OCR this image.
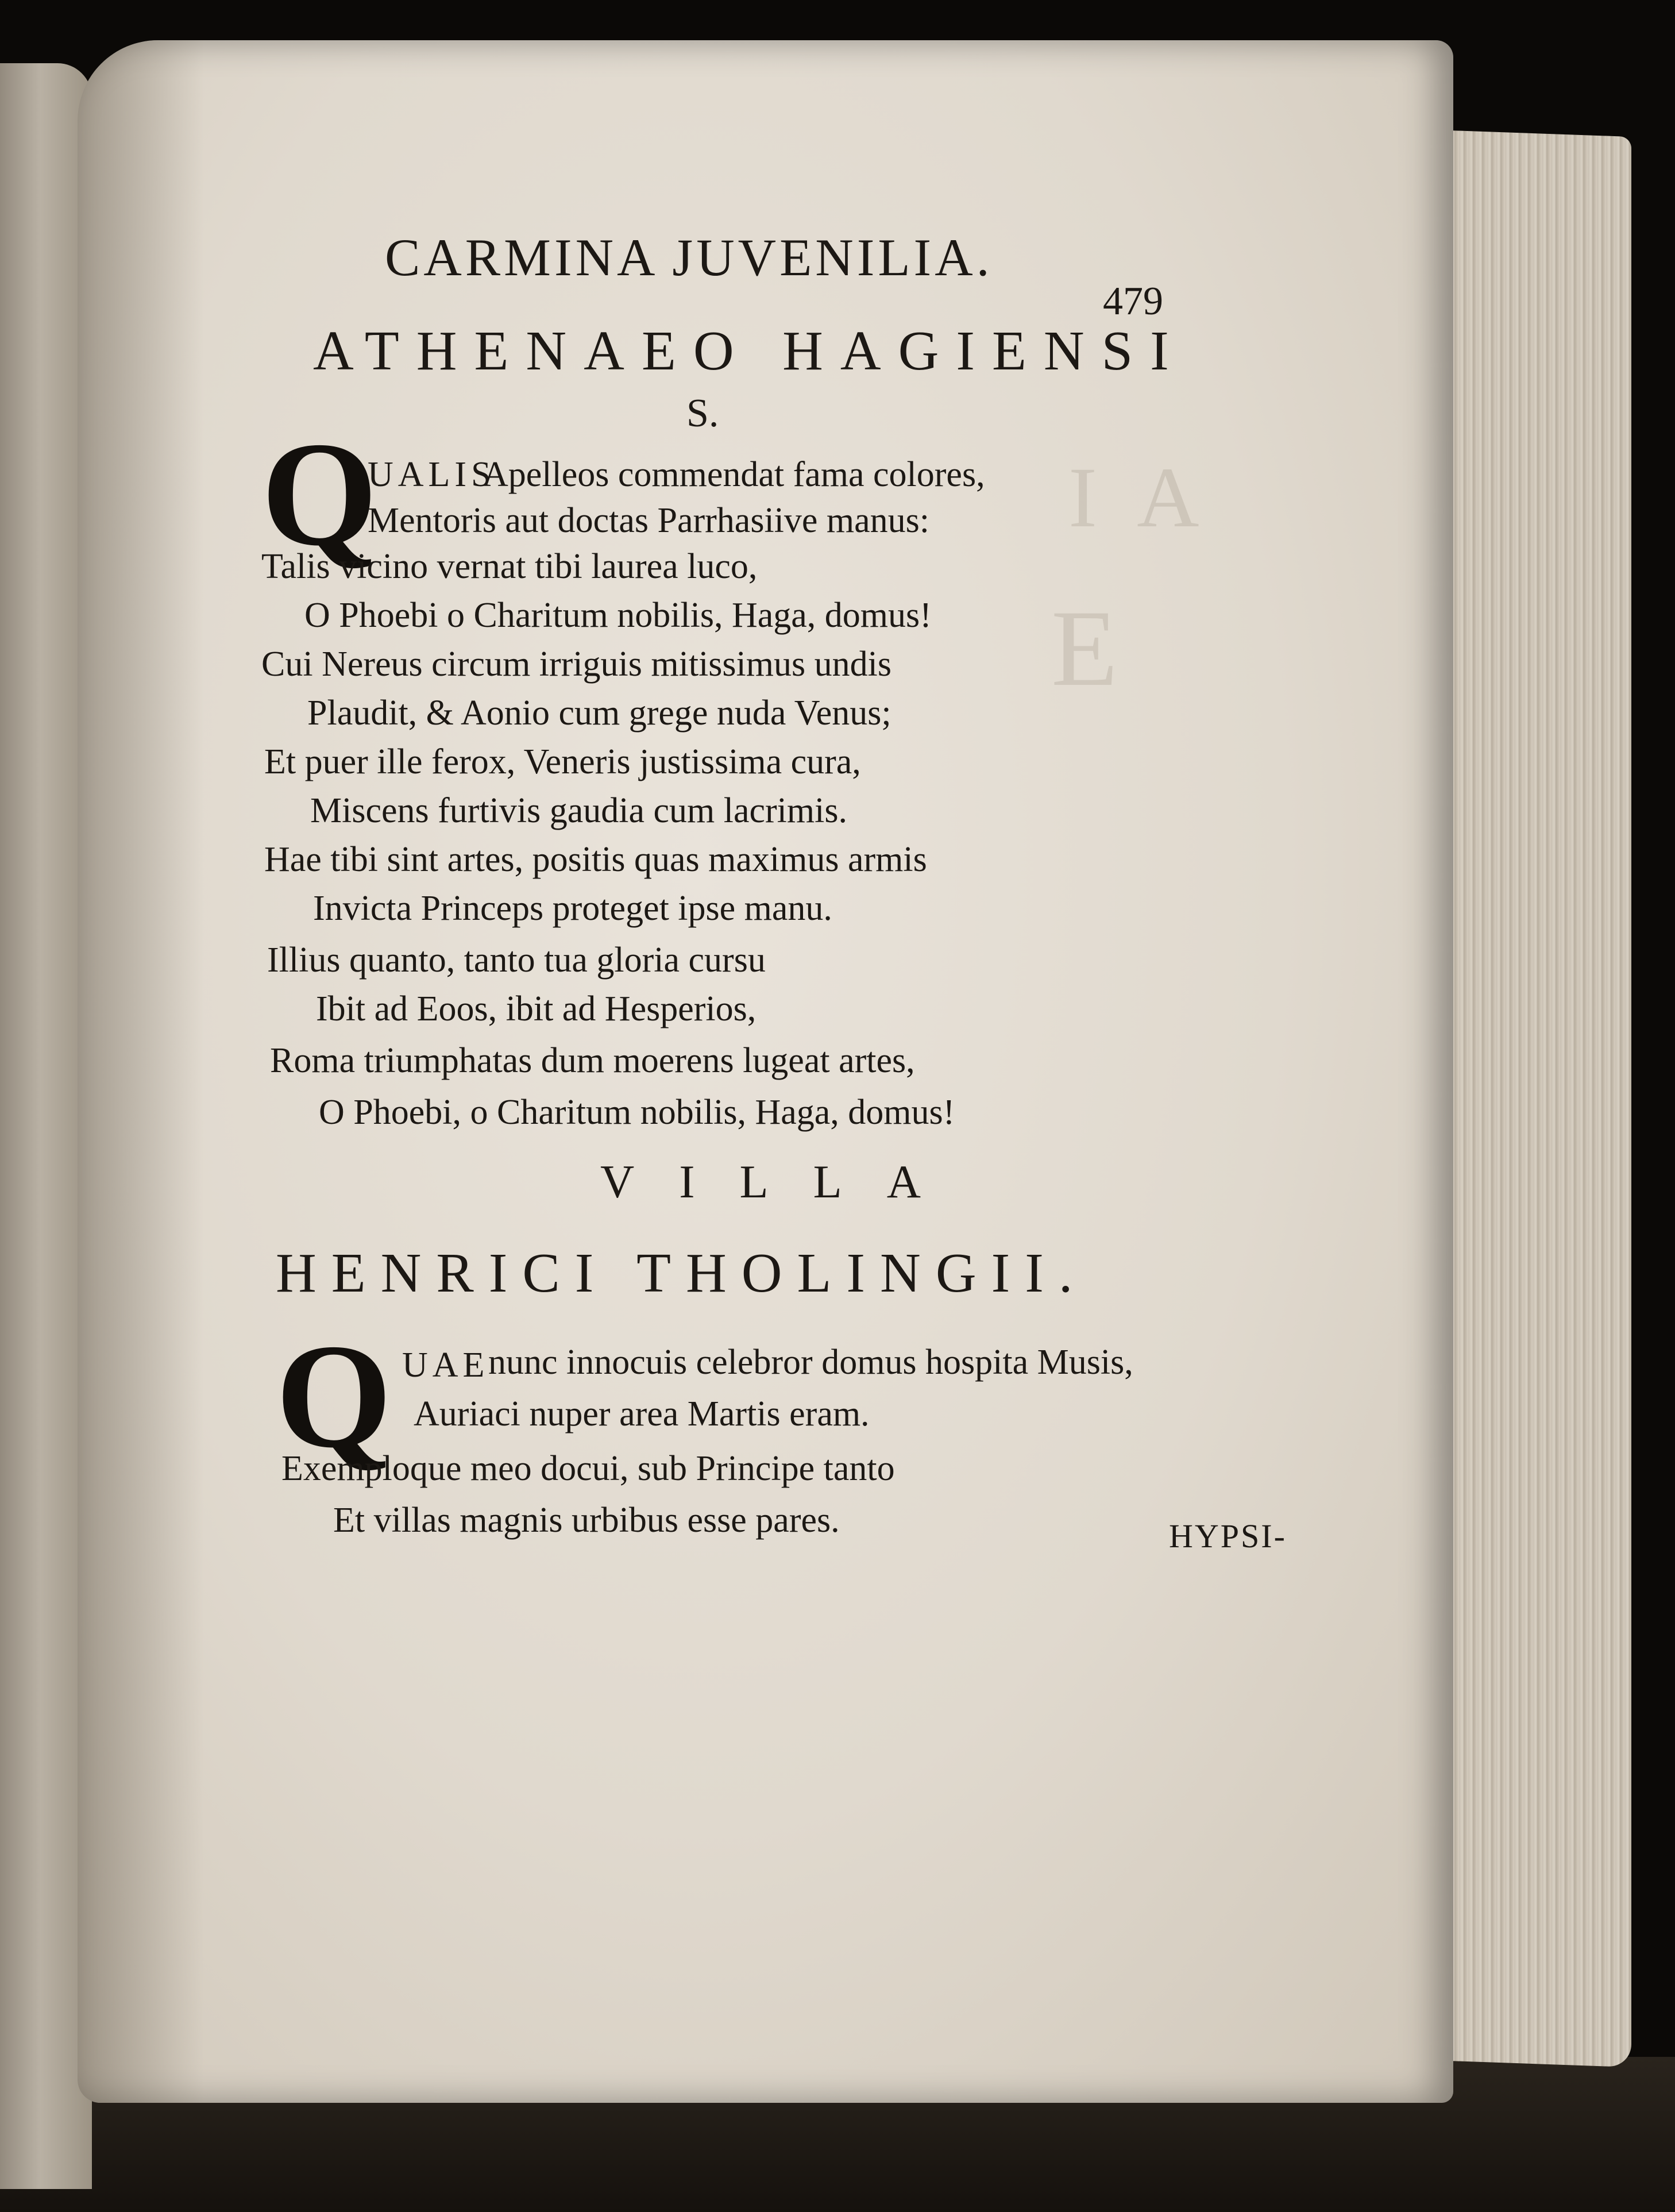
I A
E
CARMINA JUVENILIA.
479
ATHENAEO HAGIENSI
S.
Q
UALIS
Apelleos commendat fama colores,
Mentoris aut doctas Parrhasiive manus:
Talis vicino vernat tibi laurea luco,
O Phoebi o Charitum nobilis, Haga, domus!
Cui Nereus circum irriguis mitissimus undis
Plaudit, & Aonio cum grege nuda Venus;
Et puer ille ferox, Veneris justissima cura,
Miscens furtivis gaudia cum lacrimis.
Hae tibi sint artes, positis quas maximus armis
Invicta Princeps proteget ipse manu.
Illius quanto, tanto tua gloria cursu
Ibit ad Eoos, ibit ad Hesperios,
Roma triumphatas dum moerens lugeat artes,
O Phoebi, o Charitum nobilis, Haga, domus!
VILLA
HENRICI THOLINGII.
Q UAE
nunc innocuis celebror domus hospita Musis,
Auriaci nuper area Martis eram.
Exemploque meo docui, sub Principe tanto
Et villas magnis urbibus esse pares.	HYPSI-
